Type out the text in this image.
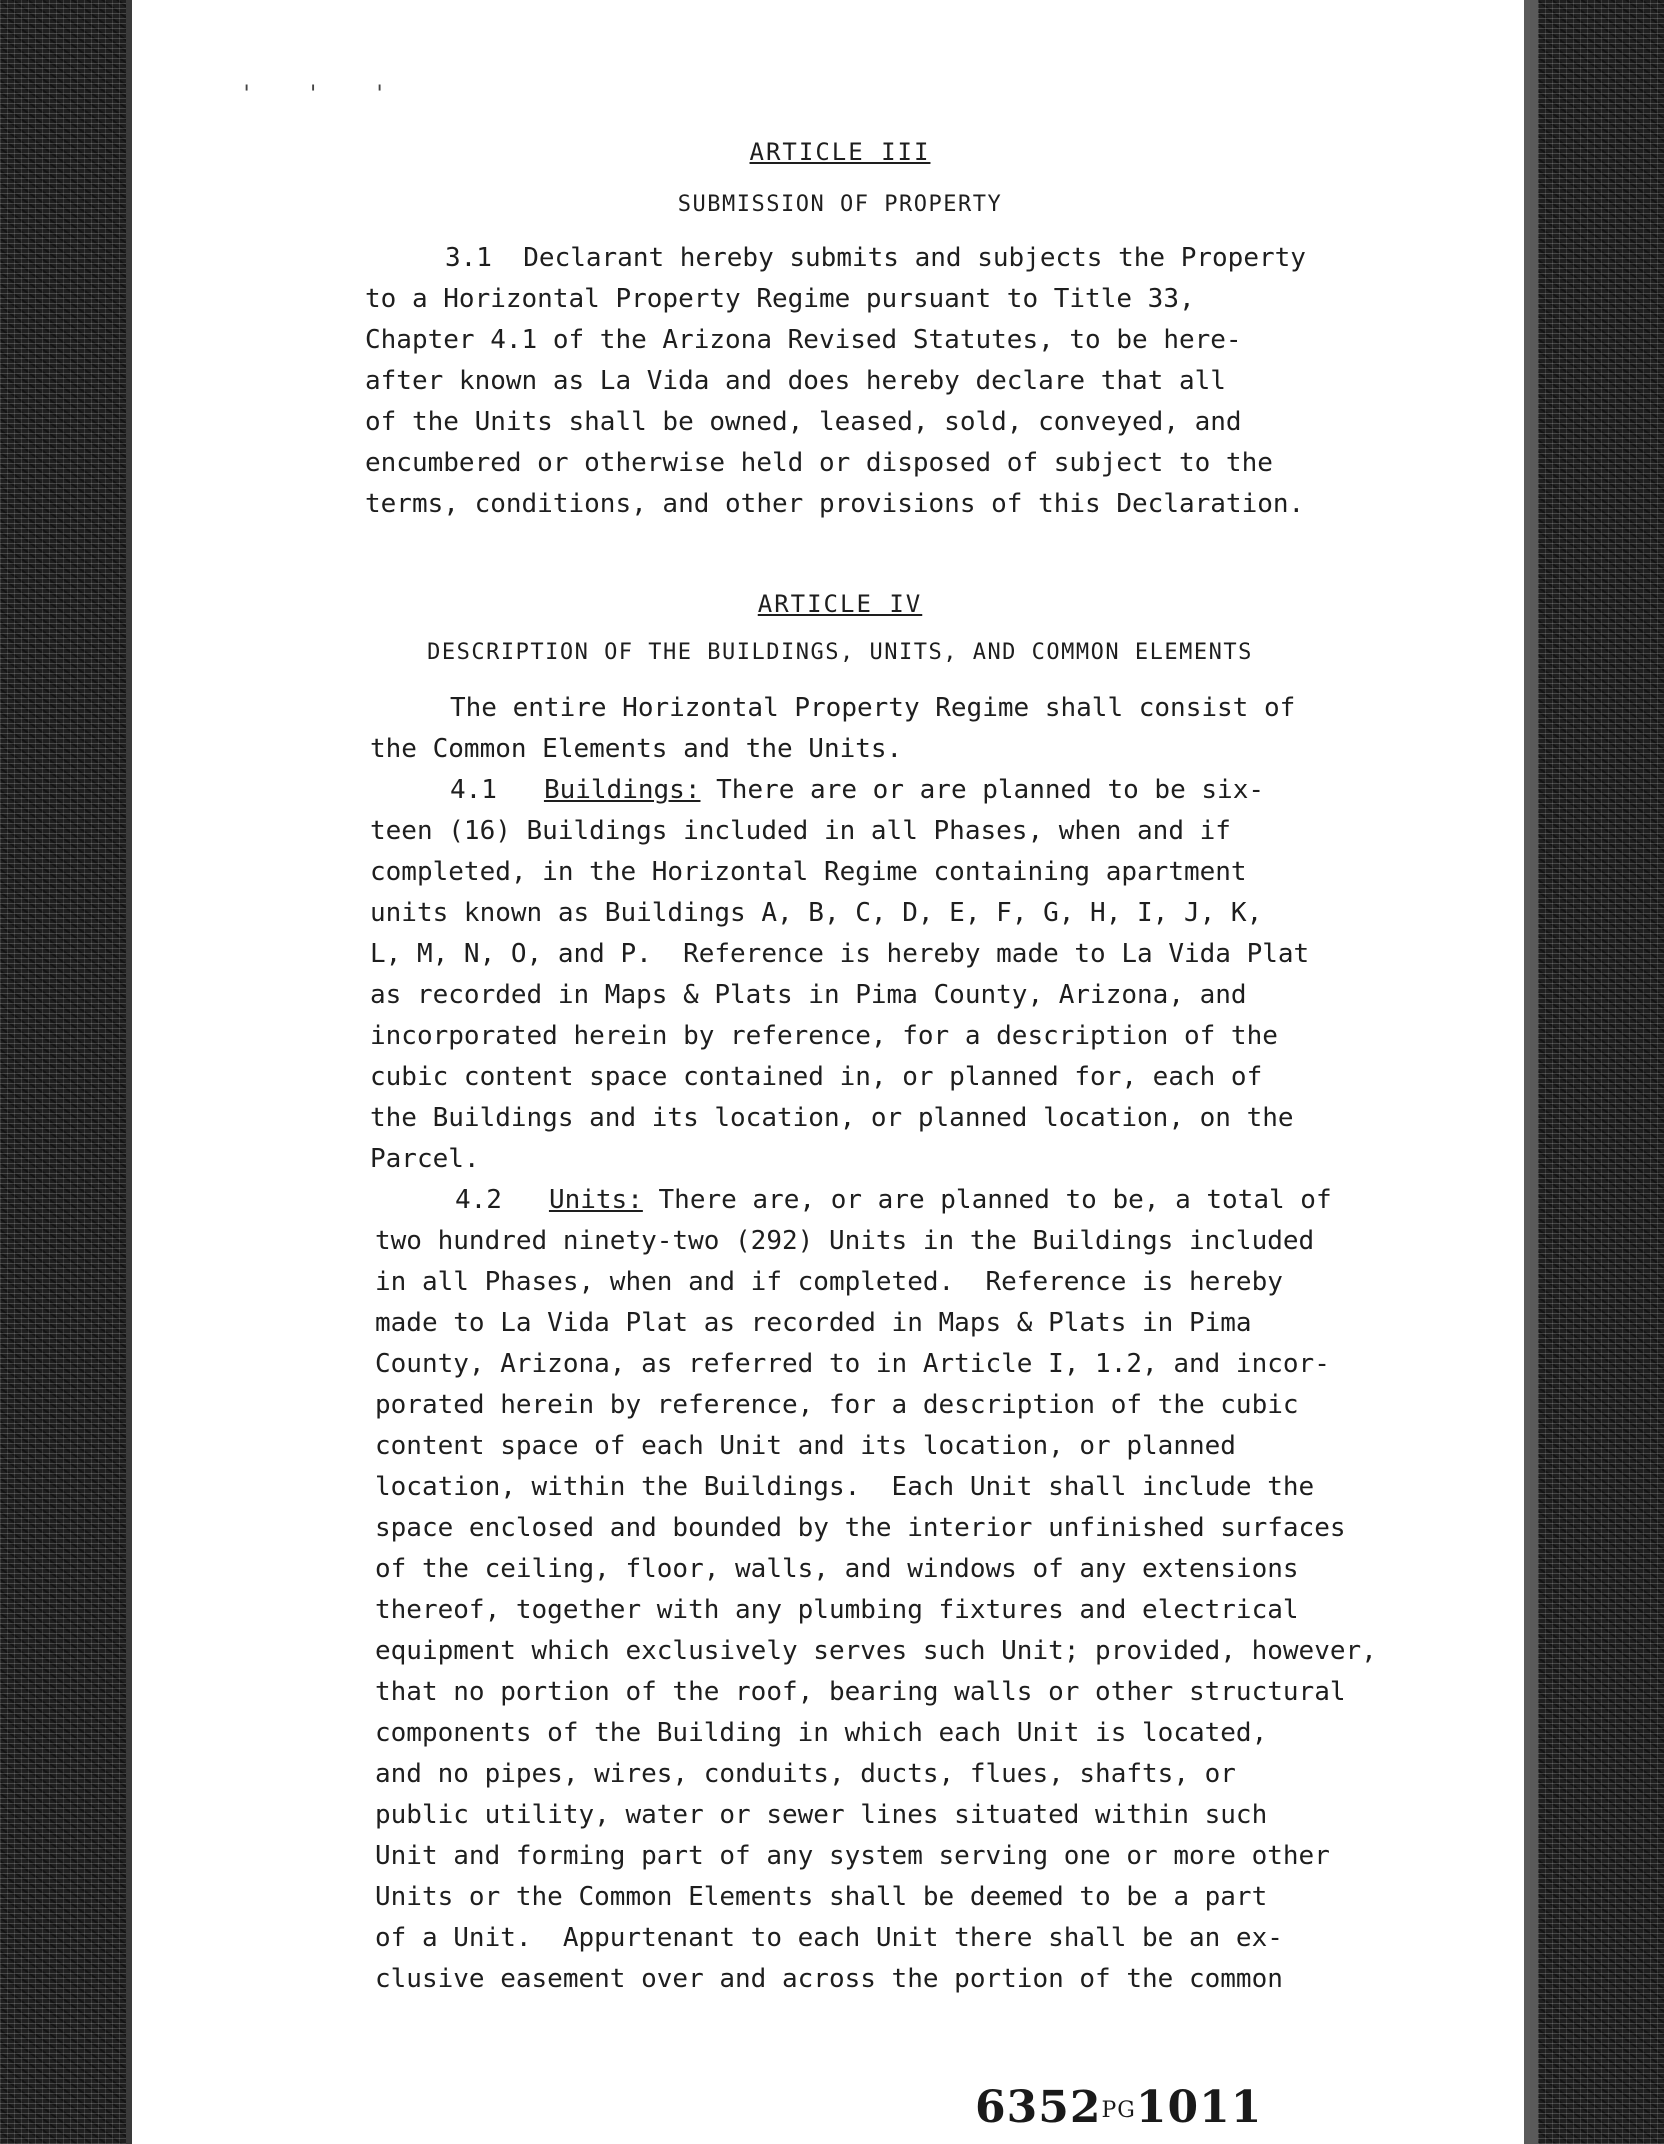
' ' '

ARTICLE III

SUBMISSION OF PROPERTY

3.1  Declarant hereby submits and subjects the Property

to a Horizontal Property Regime pursuant to Title 33,

Chapter 4.1 of the Arizona Revised Statutes, to be here-

after known as La Vida and does hereby declare that all

of the Units shall be owned, leased, sold, conveyed, and

encumbered or otherwise held or disposed of subject to the

terms, conditions, and other provisions of this Declaration.

ARTICLE IV

DESCRIPTION OF THE BUILDINGS, UNITS, AND COMMON ELEMENTS

The entire Horizontal Property Regime shall consist of

the Common Elements and the Units.

4.1 Buildings: There are or are planned to be six-

teen (16) Buildings included in all Phases, when and if

completed, in the Horizontal Regime containing apartment

units known as Buildings A, B, C, D, E, F, G, H, I, J, K,

L, M, N, O, and P.  Reference is hereby made to La Vida Plat

as recorded in Maps & Plats in Pima County, Arizona, and

incorporated herein by reference, for a description of the

cubic content space contained in, or planned for, each of

the Buildings and its location, or planned location, on the

Parcel.

4.2 Units: There are, or are planned to be, a total of

two hundred ninety-two (292) Units in the Buildings included

in all Phases, when and if completed.  Reference is hereby

made to La Vida Plat as recorded in Maps & Plats in Pima

County, Arizona, as referred to in Article I, 1.2, and incor-

porated herein by reference, for a description of the cubic

content space of each Unit and its location, or planned

location, within the Buildings.  Each Unit shall include the

space enclosed and bounded by the interior unfinished surfaces

of the ceiling, floor, walls, and windows of any extensions

thereof, together with any plumbing fixtures and electrical

equipment which exclusively serves such Unit; provided, however,

that no portion of the roof, bearing walls or other structural

components of the Building in which each Unit is located,

and no pipes, wires, conduits, ducts, flues, shafts, or

public utility, water or sewer lines situated within such

Unit and forming part of any system serving one or more other

Units or the Common Elements shall be deemed to be a part

of a Unit.  Appurtenant to each Unit there shall be an ex-

clusive easement over and across the portion of the common

6352PG1011
